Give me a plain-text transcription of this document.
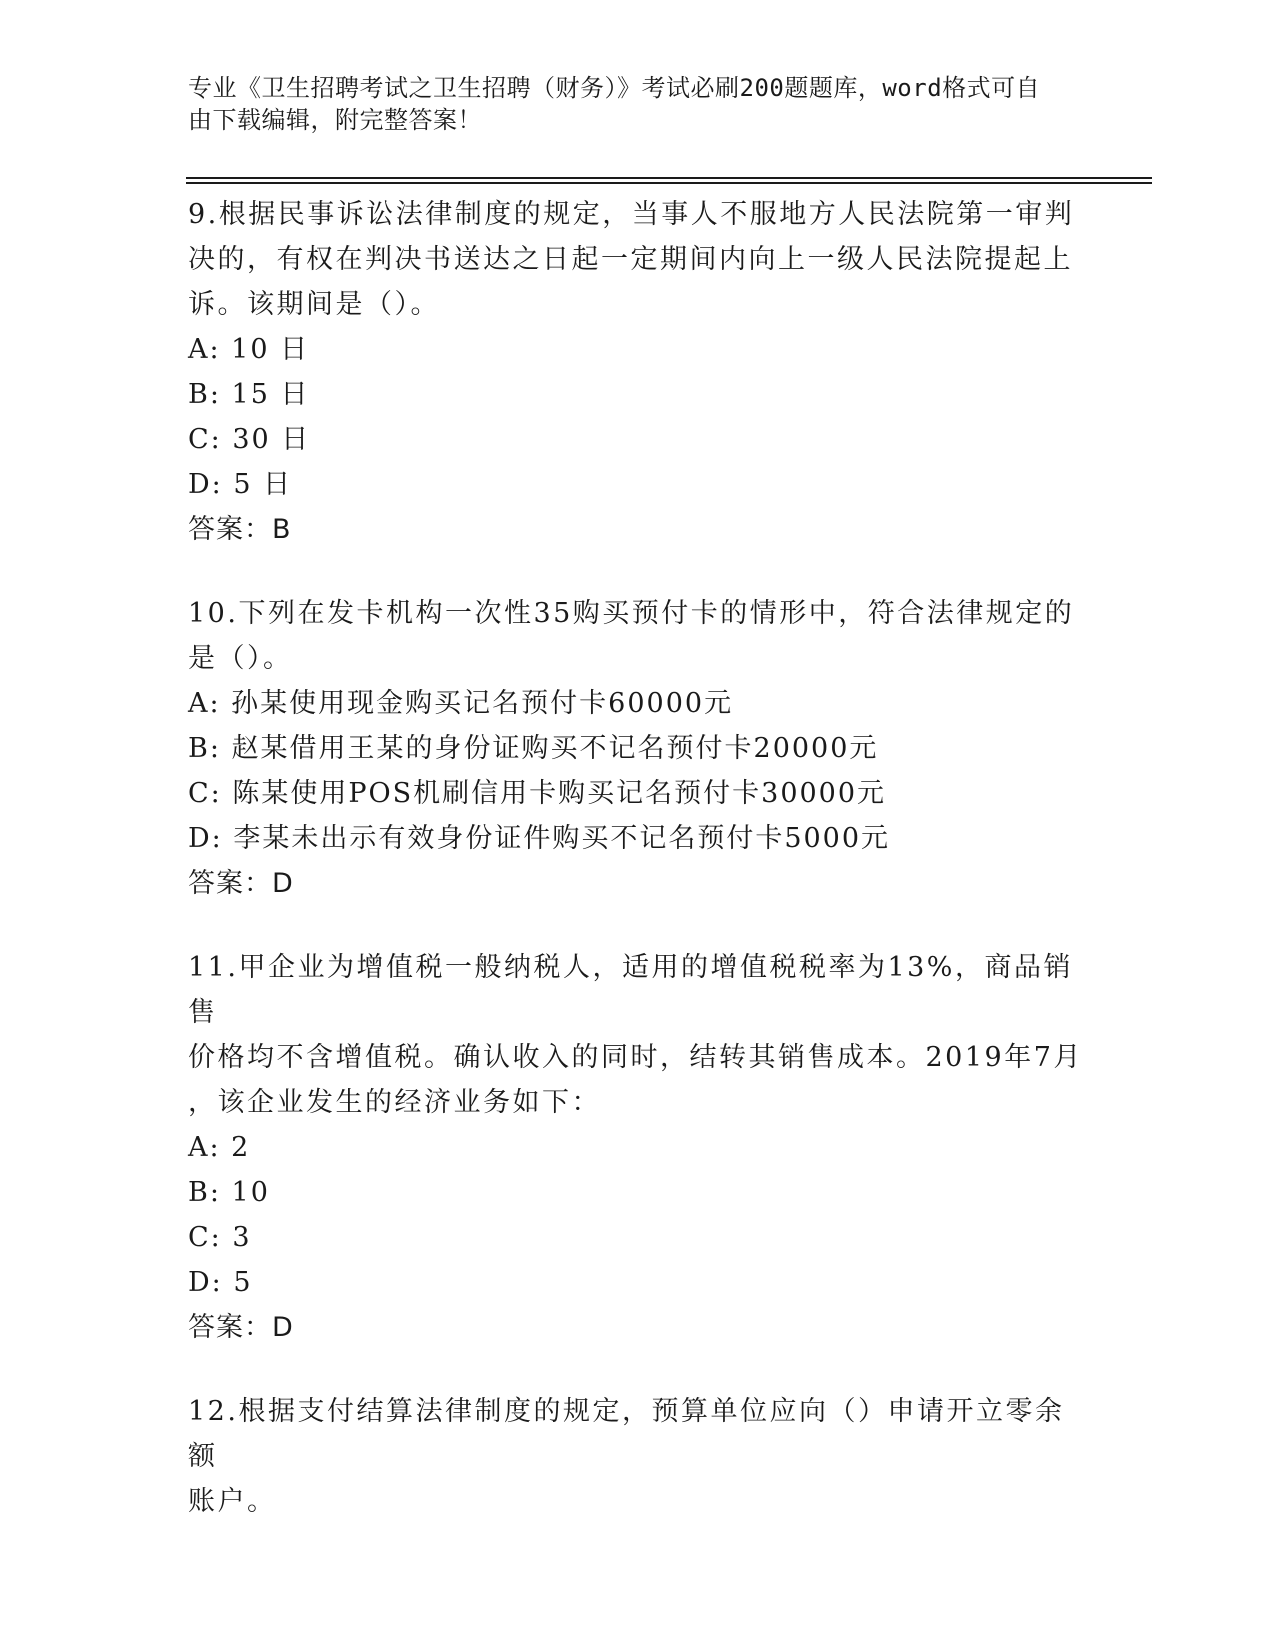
专业《卫生招聘考试之卫生招聘（财务）》考试必刷200题题库，word格式可自
由下载编辑，附完整答案！
9.根据民事诉讼法律制度的规定，当事人不服地方人民法院第一审判
决的，有权在判决书送达之日起一定期间内向上一级人民法院提起上
诉。该期间是（）。
A: 10 日
B: 15 日
C: 30 日
D: 5 日
答案：B
10.下列在发卡机构一次性35购买预付卡的情形中，符合法律规定的
是（）。
A: 孙某使用现金购买记名预付卡60000元
B: 赵某借用王某的身份证购买不记名预付卡20000元
C: 陈某使用POS机刷信用卡购买记名预付卡30000元
D: 李某未出示有效身份证件购买不记名预付卡5000元
答案：D
11.甲企业为增值税一般纳税人，适用的增值税税率为13%，商品销售
价格均不含增值税。确认收入的同时，结转其销售成本。2019年7月
，该企业发生的经济业务如下：
A: 2
B: 10
C: 3
D: 5
答案：D
12.根据支付结算法律制度的规定，预算单位应向（）申请开立零余额
账户。
